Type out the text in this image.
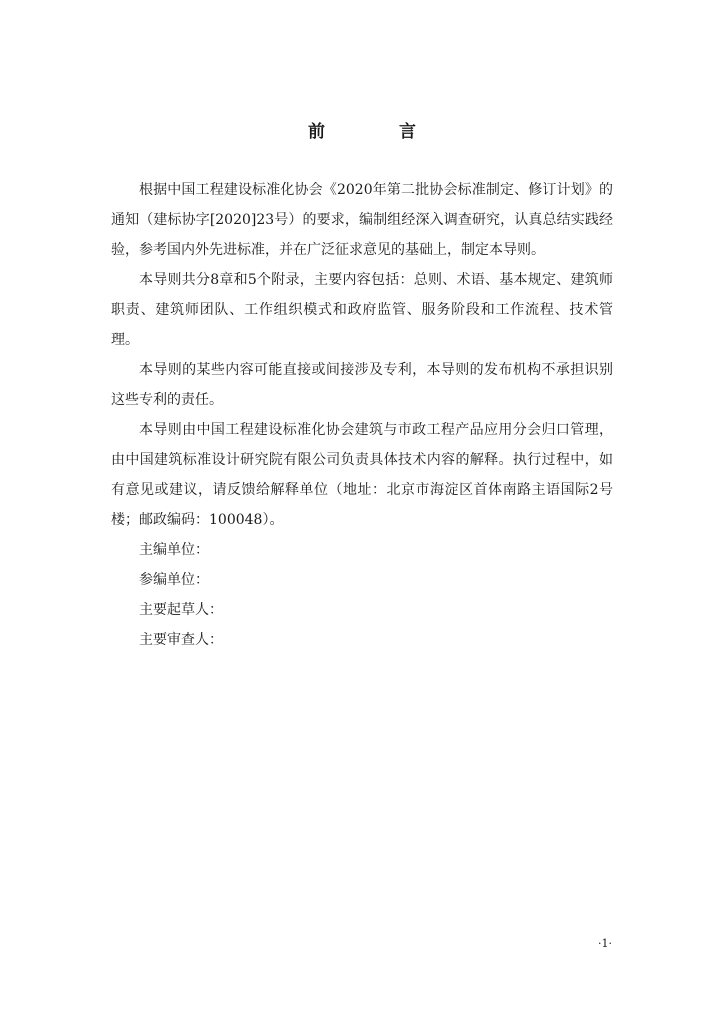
前 言

根据中国工程建设标准化协会《2020年第二批协会标准制定、修订计划》的通知（建标协字[2020]23号）的要求，编制组经深入调查研究，认真总结实践经验，参考国内外先进标准，并在广泛征求意见的基础上，制定本导则。

本导则共分8章和5个附录，主要内容包括：总则、术语、基本规定、建筑师职责、建筑师团队、工作组织模式和政府监管、服务阶段和工作流程、技术管理。

本导则的某些内容可能直接或间接涉及专利，本导则的发布机构不承担识别这些专利的责任。

本导则由中国工程建设标准化协会建筑与市政工程产品应用分会归口管理，由中国建筑标准设计研究院有限公司负责具体技术内容的解释。执行过程中，如有意见或建议，请反馈给解释单位（地址：北京市海淀区首体南路主语国际2号楼；邮政编码：100048）。

主编单位：

参编单位：

主要起草人：

主要审查人：

·1·
